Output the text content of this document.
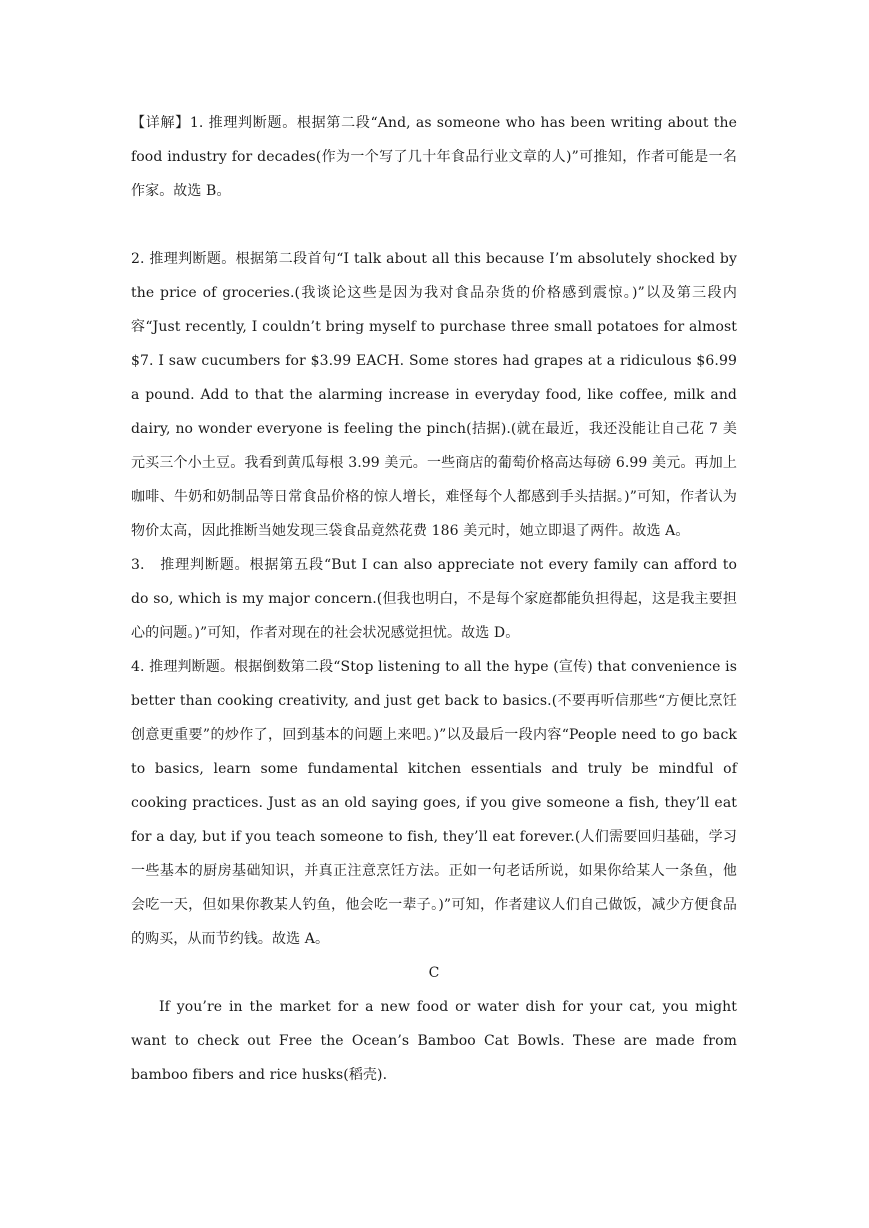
【详解】1. 推理判断题。根据第二段“And, as someone who has been writing about the food industry for decades(作为一个写了几十年食品行业文章的人)”可推知，作者可能是一名作家。故选 B。

2. 推理判断题。根据第二段首句“I talk about all this because I’m absolutely shocked by the price of groceries.(我谈论这些是因为我对食品杂货的价格感到震惊。)”以及第三段内容“Just recently, I couldn’t bring myself to purchase three small potatoes for almost $7. I saw cucumbers for $3.99 EACH. Some stores had grapes at a ridiculous $6.99 a pound. Add to that the alarming increase in everyday food, like coffee, milk and dairy, no wonder everyone is feeling the pinch(拮据).(就在最近，我还没能让自己花 7 美元买三个小土豆。我看到黄瓜每根 3.99 美元。一些商店的葡萄价格高达每磅 6.99 美元。再加上咖啡、牛奶和奶制品等日常食品价格的惊人增长，难怪每个人都感到手头拮据。)”可知，作者认为物价太高，因此推断当她发现三袋食品竟然花费 186 美元时，她立即退了两件。故选 A。

3.　推理判断题。根据第五段“But I can also appreciate not every family can afford to do so, which is my major concern.(但我也明白，不是每个家庭都能负担得起，这是我主要担心的问题。)”可知，作者对现在的社会状况感觉担忧。故选 D。

4. 推理判断题。根据倒数第二段“Stop listening to all the hype (宣传) that convenience is better than cooking creativity, and just get back to basics.(不要再听信那些“方便比烹饪创意更重要”的炒作了，回到基本的问题上来吧。)”以及最后一段内容“People need to go back to basics, learn some fundamental kitchen essentials and truly be mindful of cooking practices. Just as an old saying goes, if you give someone a fish, they’ll eat for a day, but if you teach someone to fish, they’ll eat forever.(人们需要回归基础，学习一些基本的厨房基础知识，并真正注意烹饪方法。正如一句老话所说，如果你给某人一条鱼，他会吃一天，但如果你教某人钓鱼，他会吃一辈子。)”可知，作者建议人们自己做饭，减少方便食品的购买，从而节约钱。故选 A。

C

If you’re in the market for a new food or water dish for your cat, you might want to check out Free the Ocean’s Bamboo Cat Bowls. These are made from bamboo fibers and rice husks(稻壳).
